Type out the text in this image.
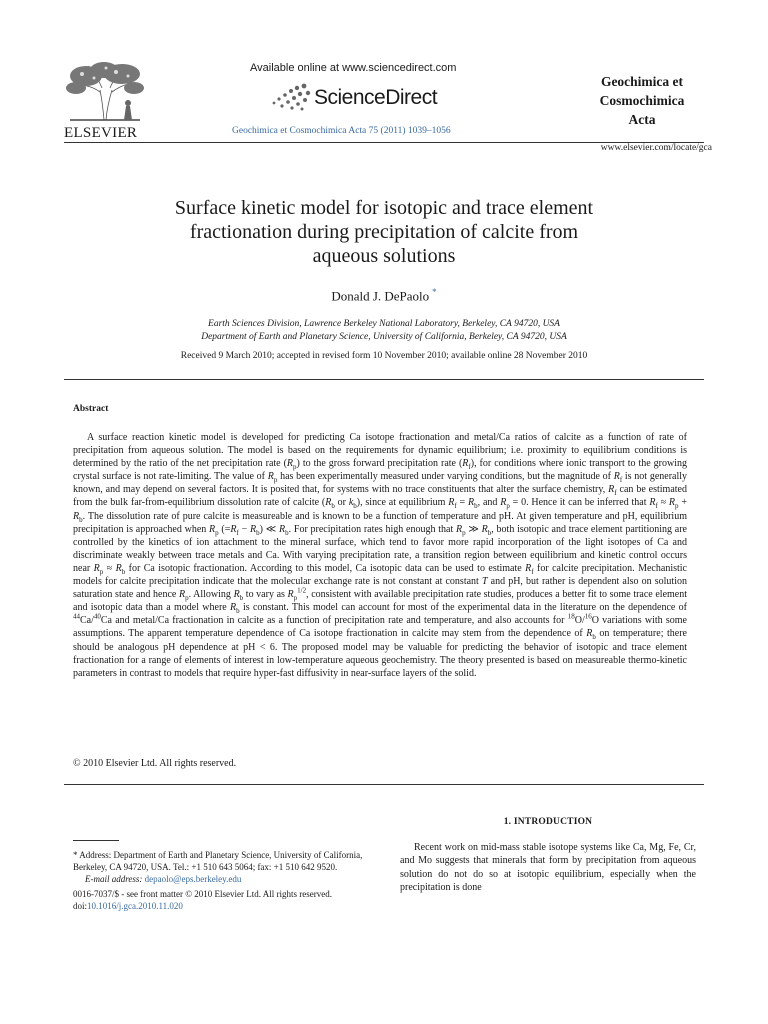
ELSEVIER
Available online at www.sciencedirect.com
ScienceDirect
Geochimica et Cosmochimica Acta 75 (2011) 1039–1056
Geochimica et
Cosmochimica
Acta
www.elsevier.com/locate/gca
Surface kinetic model for isotopic and trace element
fractionation during precipitation of calcite from
aqueous solutions
Donald J. DePaolo *
Earth Sciences Division, Lawrence Berkeley National Laboratory, Berkeley, CA 94720, USA
Department of Earth and Planetary Science, University of California, Berkeley, CA 94720, USA
Received 9 March 2010; accepted in revised form 10 November 2010; available online 28 November 2010
Abstract
A surface reaction kinetic model is developed for predicting Ca isotope fractionation and metal/Ca ratios of calcite as a function of rate of precipitation from aqueous solution. The model is based on the requirements for dynamic equilibrium; i.e. proximity to equilibrium conditions is determined by the ratio of the net precipitation rate $(R_p)$ to the gross forward precipitation rate $(R_f)$, for conditions where ionic transport to the growing crystal surface is not rate-limiting. The value of $R_p$ has been experimentally measured under varying conditions, but the magnitude of $R_f$ is not generally known, and may depend on several factors. It is posited that, for systems with no trace constituents that alter the surface chemistry, $R_f$ can be estimated from the bulk far-from-equilibrium dissolution rate of calcite ($R_b$ or $k_b$), since at equilibrium $R_f = R_b$, and $R_p = 0$. Hence it can be inferred that $R_f \approx R_p + R_b$. The dissolution rate of pure calcite is measureable and is known to be a function of temperature and pH. At given temperature and pH, equilibrium precipitation is approached when $R_p$ $(=R_f - R_b)$ ≪ $R_b$. For precipitation rates high enough that $R_p$ ≫ $R_b$, both isotopic and trace element partitioning are controlled by the kinetics of ion attachment to the mineral surface, which tend to favor more rapid incorporation of the light isotopes of Ca and discriminate weakly between trace metals and Ca. With varying precipitation rate, a transition region between equilibrium and kinetic control occurs near $R_p \approx R_b$ for Ca isotopic fractionation. According to this model, Ca isotopic data can be used to estimate $R_f$ for calcite precipitation. Mechanistic models for calcite precipitation indicate that the molecular exchange rate is not constant at constant T and pH, but rather is dependent also on solution saturation state and hence $R_p$. Allowing $R_b$ to vary as $R_p^{1/2}$, consistent with available precipitation rate studies, produces a better fit to some trace element and isotopic data than a model where $R_b$ is constant. This model can account for most of the experimental data in the literature on the dependence of $^{44}$Ca/$^{40}$Ca and metal/Ca fractionation in calcite as a function of precipitation rate and temperature, and also accounts for $^{18}$O/$^{16}$O variations with some assumptions. The apparent temperature dependence of Ca isotope fractionation in calcite may stem from the dependence of $R_b$ on temperature; there should be analogous pH dependence at pH < 6. The proposed model may be valuable for predicting the behavior of isotopic and trace element fractionation for a range of elements of interest in low-temperature aqueous geochemistry. The theory presented is based on measureable thermo-kinetic parameters in contrast to models that require hyper-fast diffusivity in near-surface layers of the solid.
© 2010 Elsevier Ltd. All rights reserved.
1. INTRODUCTION
Recent work on mid-mass stable isotope systems like Ca, Mg, Fe, Cr, and Mo suggests that minerals that form by precipitation from aqueous solution do not do so at isotopic equilibrium, especially when the precipitation is done
* Address: Department of Earth and Planetary Science, University of California, Berkeley, CA 94720, USA. Tel.: +1 510 643 5064; fax: +1 510 642 9520.
E-mail address: depaolo@eps.berkeley.edu
0016-7037/$ - see front matter © 2010 Elsevier Ltd. All rights reserved.
doi:10.1016/j.gca.2010.11.020
